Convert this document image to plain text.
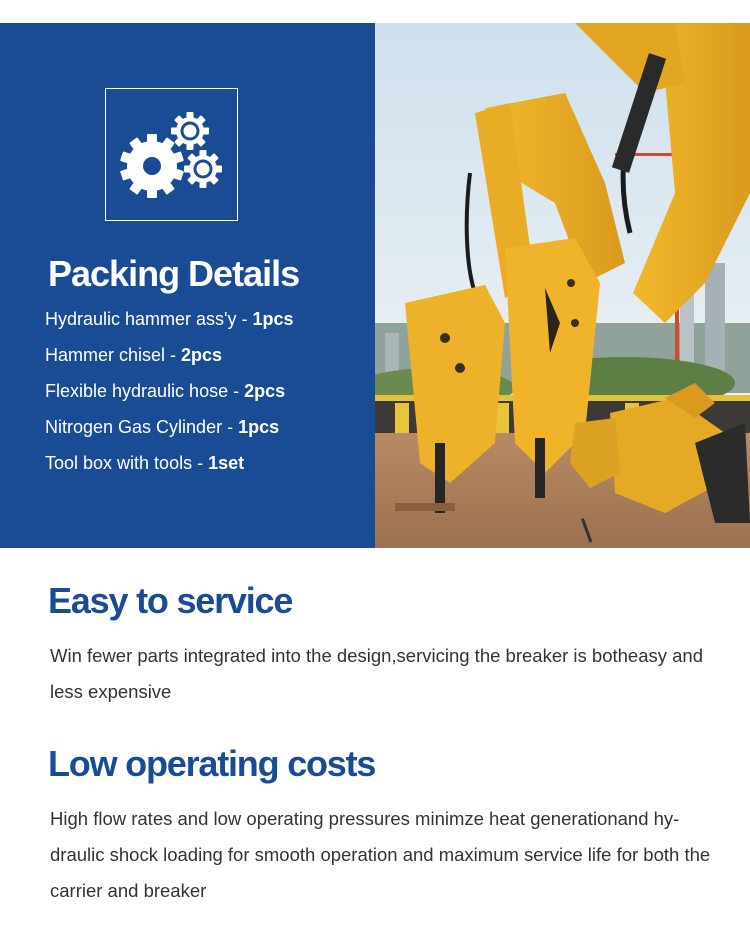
Packing Details
Hydraulic hammer ass'y - 1pcs
Hammer chisel - 2pcs
Flexible hydraulic hose - 2pcs
Nitrogen Gas Cylinder - 1pcs
Tool box with tools - 1set
Easy to service
Win fewer parts integrated into the design,servicing the breaker is botheasy and less expensive
Low operating costs
High flow rates and low operating pressures minimze heat generationand hy-draulic shock loading for smooth operation and maximum service life for both the carrier and breaker
